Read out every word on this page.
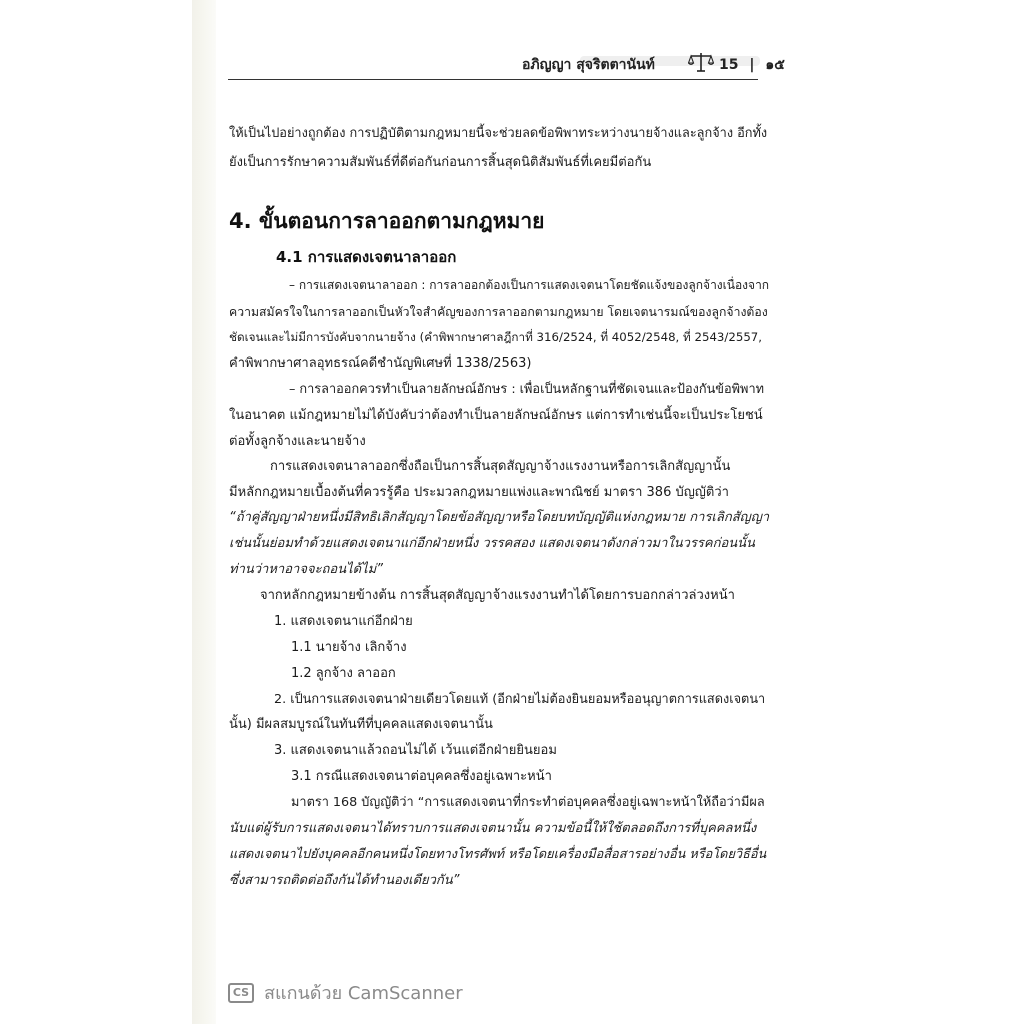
อภิญญา สุจริตตานันท์	15 | ๑๕
ให้เป็นไปอย่างถูกต้อง การปฏิบัติตามกฎหมายนี้จะช่วยลดข้อพิพาทระหว่างนายจ้างและลูกจ้าง อีกทั้ง
ยังเป็นการรักษาความสัมพันธ์ที่ดีต่อกันก่อนการสิ้นสุดนิติสัมพันธ์ที่เคยมีต่อกัน
4. ขั้นตอนการลาออกตามกฎหมาย
4.1 การแสดงเจตนาลาออก
– การแสดงเจตนาลาออก : การลาออกต้องเป็นการแสดงเจตนาโดยชัดแจ้งของลูกจ้างเนื่องจาก
ความสมัครใจในการลาออกเป็นหัวใจสำคัญของการลาออกตามกฎหมาย โดยเจตนารมณ์ของลูกจ้างต้อง
ชัดเจนและไม่มีการบังคับจากนายจ้าง (คำพิพากษาศาลฎีกาที่ 316/2524, ที่ 4052/2548, ที่ 2543/2557,
คำพิพากษาศาลอุทธรณ์คดีชำนัญพิเศษที่ 1338/2563)
– การลาออกควรทำเป็นลายลักษณ์อักษร : เพื่อเป็นหลักฐานที่ชัดเจนและป้องกันข้อพิพาท
ในอนาคต แม้กฎหมายไม่ได้บังคับว่าต้องทำเป็นลายลักษณ์อักษร แต่การทำเช่นนี้จะเป็นประโยชน์
ต่อทั้งลูกจ้างและนายจ้าง
การแสดงเจตนาลาออกซึ่งถือเป็นการสิ้นสุดสัญญาจ้างแรงงานหรือการเลิกสัญญานั้น
มีหลักกฎหมายเบื้องต้นที่ควรรู้คือ ประมวลกฎหมายแพ่งและพาณิชย์ มาตรา 386 บัญญัติว่า
“ถ้าคู่สัญญาฝ่ายหนึ่งมีสิทธิเลิกสัญญาโดยข้อสัญญาหรือโดยบทบัญญัติแห่งกฎหมาย การเลิกสัญญา
เช่นนั้นย่อมทำด้วยแสดงเจตนาแก่อีกฝ่ายหนึ่ง วรรคสอง แสดงเจตนาดังกล่าวมาในวรรคก่อนนั้น
ท่านว่าหาอาจจะถอนได้ไม่”
จากหลักกฎหมายข้างต้น การสิ้นสุดสัญญาจ้างแรงงานทำได้โดยการบอกกล่าวล่วงหน้า
1. แสดงเจตนาแก่อีกฝ่าย
1.1 นายจ้าง เลิกจ้าง
1.2 ลูกจ้าง ลาออก
2. เป็นการแสดงเจตนาฝ่ายเดียวโดยแท้ (อีกฝ่ายไม่ต้องยินยอมหรืออนุญาตการแสดงเจตนา
นั้น) มีผลสมบูรณ์ในทันทีที่บุคคลแสดงเจตนานั้น
3. แสดงเจตนาแล้วถอนไม่ได้ เว้นแต่อีกฝ่ายยินยอม
3.1 กรณีแสดงเจตนาต่อบุคคลซึ่งอยู่เฉพาะหน้า
มาตรา 168 บัญญัติว่า “การแสดงเจตนาที่กระทำต่อบุคคลซึ่งอยู่เฉพาะหน้าให้ถือว่ามีผล
นับแต่ผู้รับการแสดงเจตนาได้ทราบการแสดงเจตนานั้น ความข้อนี้ให้ใช้ตลอดถึงการที่บุคคลหนึ่ง
แสดงเจตนาไปยังบุคคลอีกคนหนึ่งโดยทางโทรศัพท์ หรือโดยเครื่องมือสื่อสารอย่างอื่น หรือโดยวิธีอื่น
ซึ่งสามารถติดต่อถึงกันได้ทำนองเดียวกัน”
CS สแกนด้วย CamScanner
